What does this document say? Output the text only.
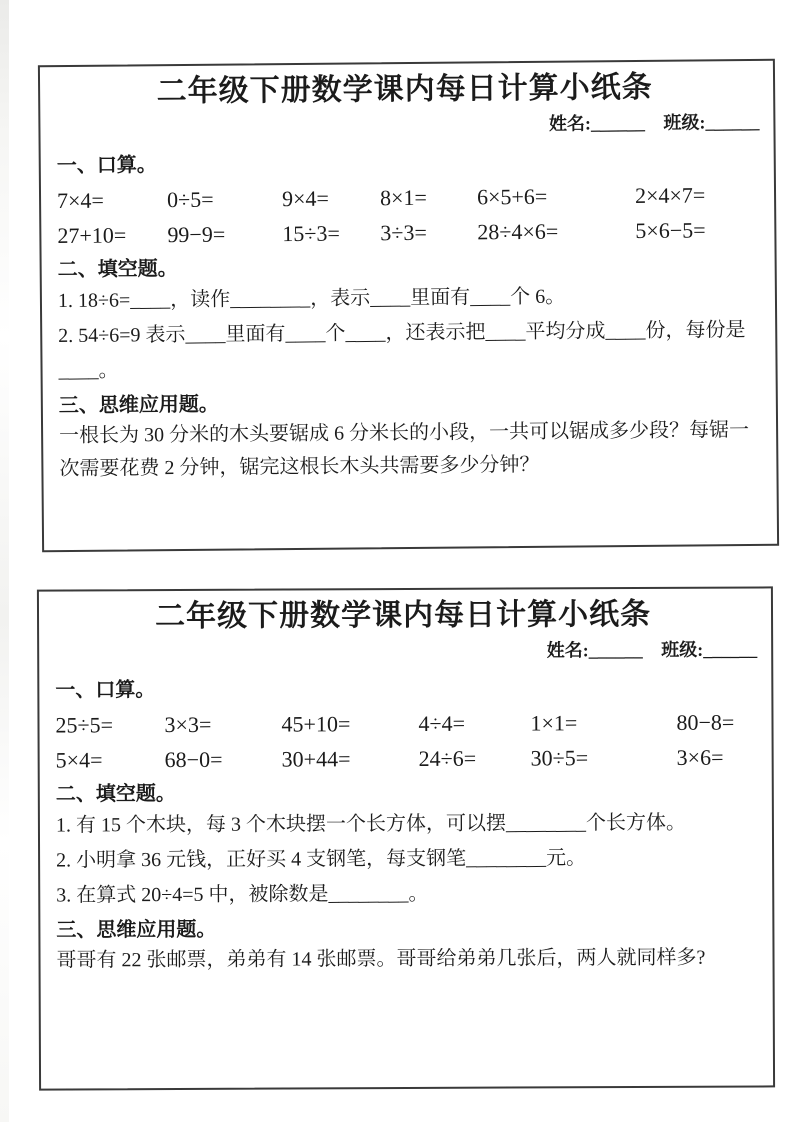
二年级下册数学课内每日计算小纸条
姓名:______ 班级:______
一、口算。
7×4=	0÷5=	9×4=	8×1=	6×5+6=	2×4×7=
27+10=	99−9=	15÷3=	3÷3=	28÷4×6=	5×6−5=
二、填空题。

1. 18÷6=____，读作________，表示____里面有____个 6。

2. 54÷6=9 表示____里面有____个____，还表示把____平均分成____份，每份是____。

三、思维应用题。

一根长为 30 分米的木头要锯成 6 分米长的小段，一共可以锯成多少段？每锯一次需要花费 2 分钟，锯完这根长木头共需要多少分钟？

二年级下册数学课内每日计算小纸条
姓名:______ 班级:______
一、口算。
25÷5=	3×3=	45+10=	4÷4=	1×1=	80−8=
5×4=	68−0=	30+44=	24÷6=	30÷5=	3×6=
二、填空题。

1. 有 15 个木块，每 3 个木块摆一个长方体，可以摆________个长方体。

2. 小明拿 36 元钱，正好买 4 支钢笔，每支钢笔________元。

3. 在算式 20÷4=5 中，被除数是________。

三、思维应用题。

哥哥有 22 张邮票，弟弟有 14 张邮票。哥哥给弟弟几张后，两人就同样多?
